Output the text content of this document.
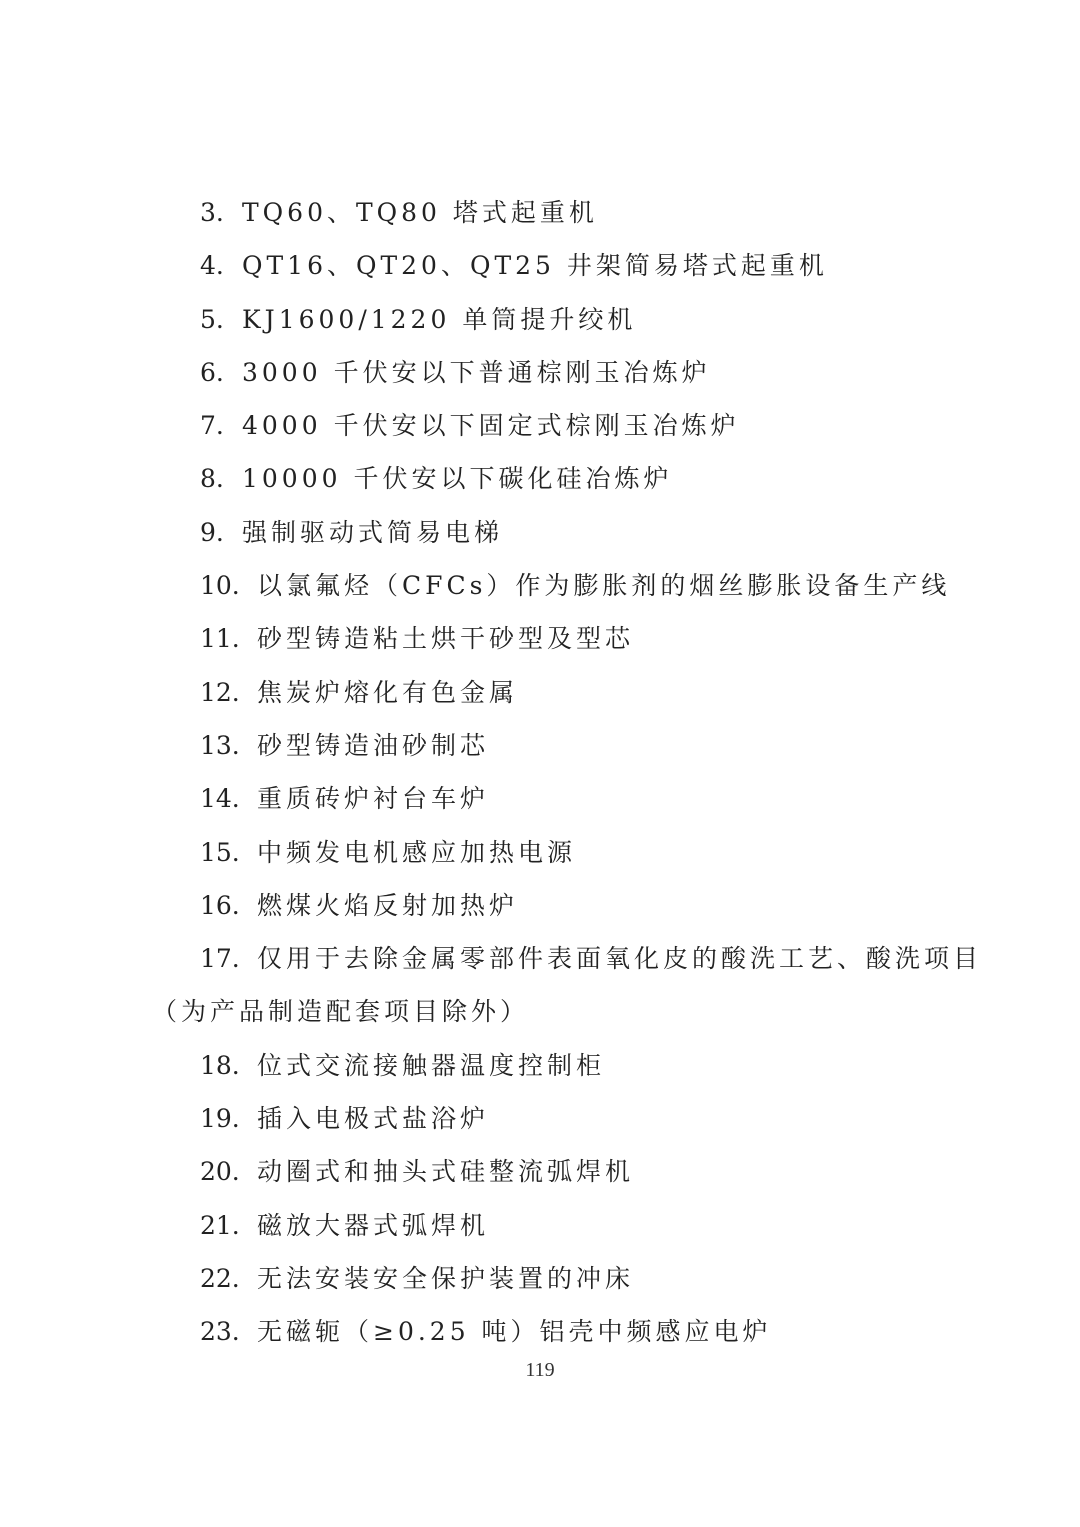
3. TQ60、TQ80 塔式起重机
4. QT16、QT20、QT25 井架简易塔式起重机
5. KJ1600/1220 单筒提升绞机
6. 3000 千伏安以下普通棕刚玉冶炼炉
7. 4000 千伏安以下固定式棕刚玉冶炼炉
8. 10000 千伏安以下碳化硅冶炼炉
9. 强制驱动式简易电梯
10. 以氯氟烃（CFCs）作为膨胀剂的烟丝膨胀设备生产线
11. 砂型铸造粘土烘干砂型及型芯
12. 焦炭炉熔化有色金属
13. 砂型铸造油砂制芯
14. 重质砖炉衬台车炉
15. 中频发电机感应加热电源
16. 燃煤火焰反射加热炉
17. 仅用于去除金属零部件表面氧化皮的酸洗工艺、酸洗项目
（为产品制造配套项目除外）
18. 位式交流接触器温度控制柜
19. 插入电极式盐浴炉
20. 动圈式和抽头式硅整流弧焊机
21. 磁放大器式弧焊机
22. 无法安装安全保护装置的冲床
23. 无磁轭（≥0.25 吨）铝壳中频感应电炉
119
